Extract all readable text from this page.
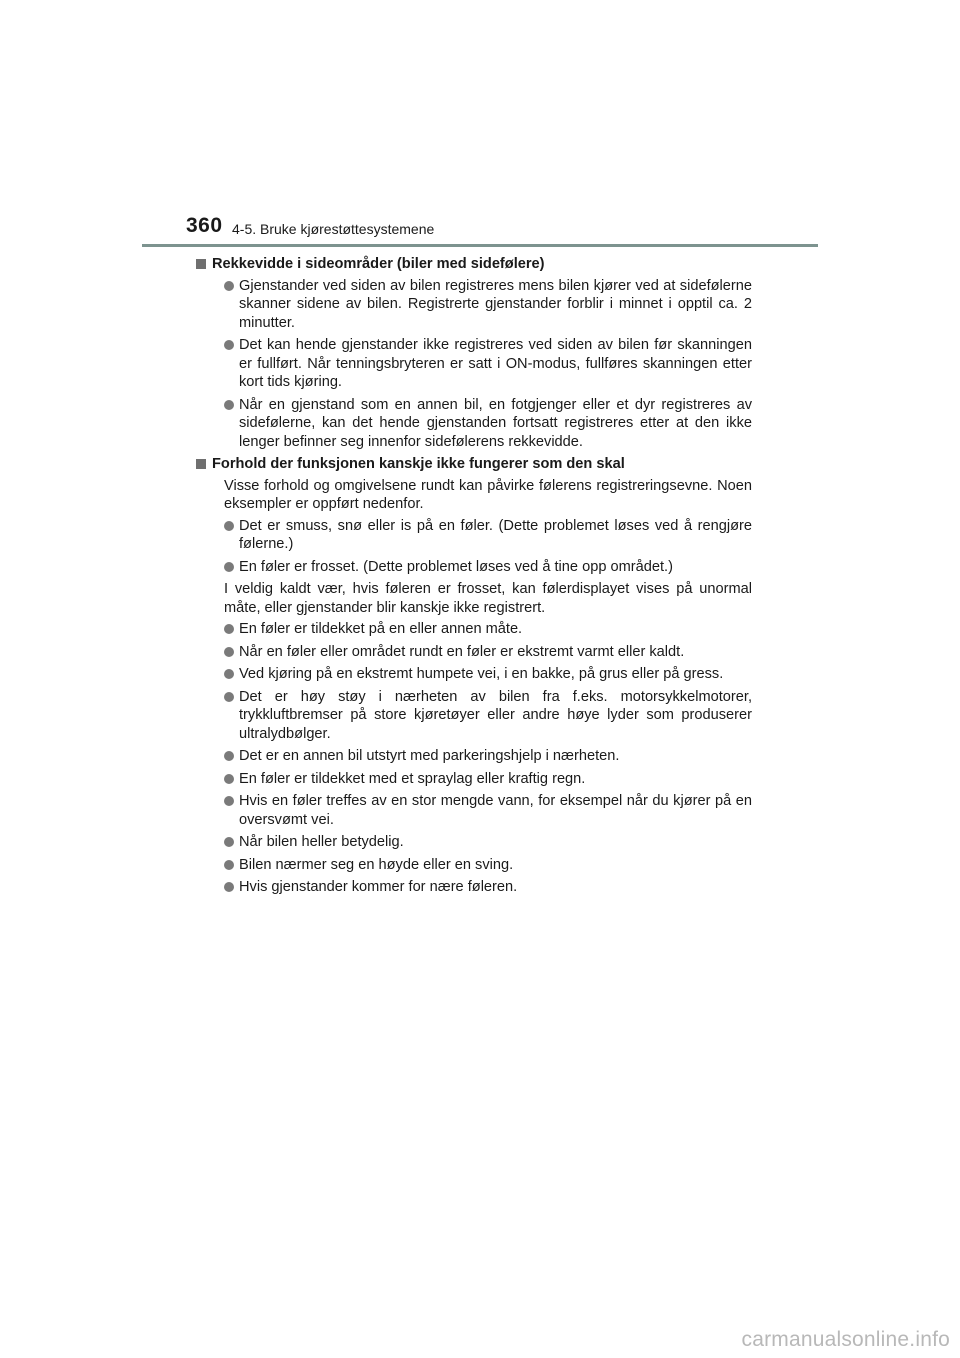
360 4-5. Bruke kjørestøttesystemene
Rekkevidde i sideområder (biler med sidefølere)
Gjenstander ved siden av bilen registreres mens bilen kjører ved at sidefølerne skanner sidene av bilen. Registrerte gjenstander forblir i minnet i opptil ca. 2 minutter.
Det kan hende gjenstander ikke registreres ved siden av bilen før skanningen er fullført. Når tenningsbryteren er satt i ON-modus, fullføres skanningen etter kort tids kjøring.
Når en gjenstand som en annen bil, en fotgjenger eller et dyr registreres av sidefølerne, kan det hende gjenstanden fortsatt registreres etter at den ikke lenger befinner seg innenfor sidefølerens rekkevidde.
Forhold der funksjonen kanskje ikke fungerer som den skal
Visse forhold og omgivelsene rundt kan påvirke følerens registreringsevne. Noen eksempler er oppført nedenfor.
Det er smuss, snø eller is på en føler. (Dette problemet løses ved å rengjøre følerne.)
En føler er frosset. (Dette problemet løses ved å tine opp området.)
I veldig kaldt vær, hvis føleren er frosset, kan følerdisplayet vises på unormal måte, eller gjenstander blir kanskje ikke registrert.
En føler er tildekket på en eller annen måte.
Når en føler eller området rundt en føler er ekstremt varmt eller kaldt.
Ved kjøring på en ekstremt humpete vei, i en bakke, på grus eller på gress.
Det er høy støy i nærheten av bilen fra f.eks. motorsykkelmotorer, trykkluftbremser på store kjøretøyer eller andre høye lyder som produserer ultralydbølger.
Det er en annen bil utstyrt med parkeringshjelp i nærheten.
En føler er tildekket med et spraylag eller kraftig regn.
Hvis en føler treffes av en stor mengde vann, for eksempel når du kjører på en oversvømt vei.
Når bilen heller betydelig.
Bilen nærmer seg en høyde eller en sving.
Hvis gjenstander kommer for nære føleren.
carmanualsonline.info
